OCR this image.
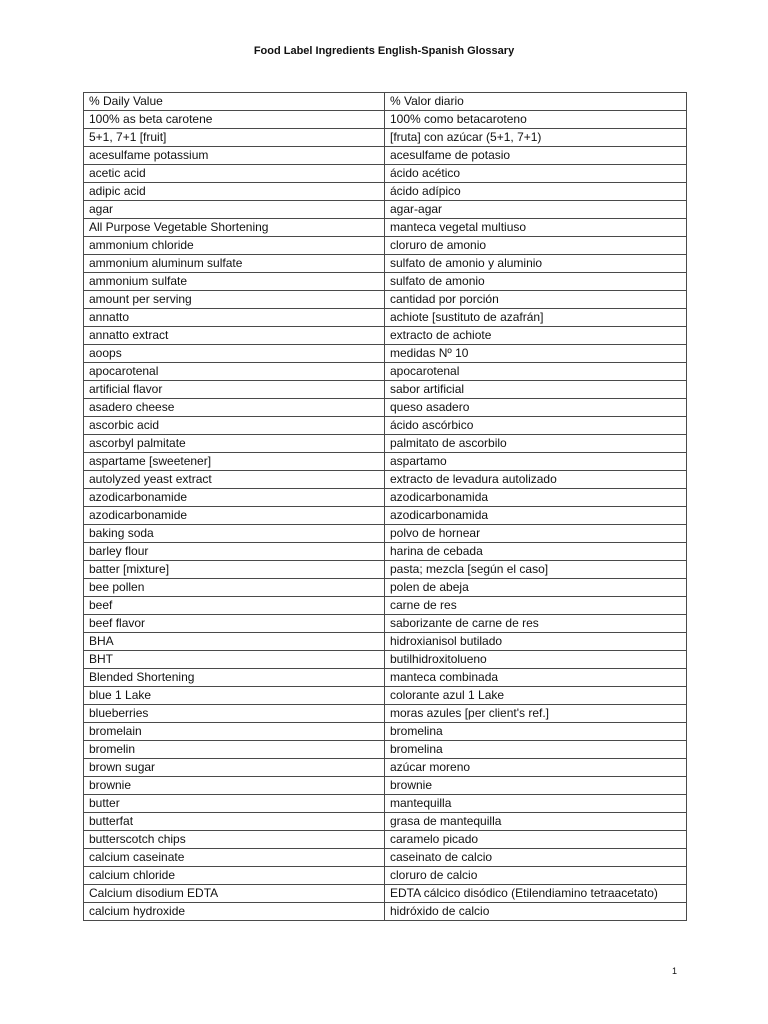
Food Label Ingredients English-Spanish Glossary
% Daily Value	% Valor diario
100% as beta carotene	100% como betacaroteno
5+1, 7+1 [fruit]	[fruta] con azúcar (5+1, 7+1)
acesulfame potassium	acesulfame de potasio
acetic acid	ácido acético
adipic acid	ácido adípico
agar	agar-agar
All Purpose Vegetable Shortening	manteca vegetal multiuso
ammonium chloride	cloruro de amonio
ammonium aluminum sulfate	sulfato de amonio y aluminio
ammonium sulfate	sulfato de amonio
amount per serving	cantidad por porción
annatto	achiote [sustituto de azafrán]
annatto extract	extracto de achiote
aoops	medidas Nº 10
apocarotenal	apocarotenal
artificial flavor	sabor artificial
asadero cheese	queso asadero
ascorbic acid	ácido ascórbico
ascorbyl palmitate	palmitato de ascorbilo
aspartame [sweetener]	aspartamo
autolyzed yeast extract	extracto de levadura autolizado
azodicarbonamide	azodicarbonamida
azodicarbonamide	azodicarbonamida
baking soda	polvo de hornear
barley flour	harina de cebada
batter [mixture]	pasta; mezcla [según el caso]
bee pollen	polen de abeja
beef	carne de res
beef flavor	saborizante de carne de res
BHA	hidroxianisol butilado
BHT	butilhidroxitolueno
Blended Shortening	manteca combinada
blue 1 Lake	colorante azul 1 Lake
blueberries	moras azules [per client's ref.]
bromelain	bromelina
bromelin	bromelina
brown sugar	azúcar moreno
brownie	brownie
butter	mantequilla
butterfat	grasa de mantequilla
butterscotch chips	caramelo picado
calcium caseinate	caseinato de calcio
calcium chloride	cloruro de calcio
Calcium disodium EDTA	EDTA cálcico disódico (Etilendiamino tetraacetato)
calcium hydroxide	hidróxido de calcio
1
